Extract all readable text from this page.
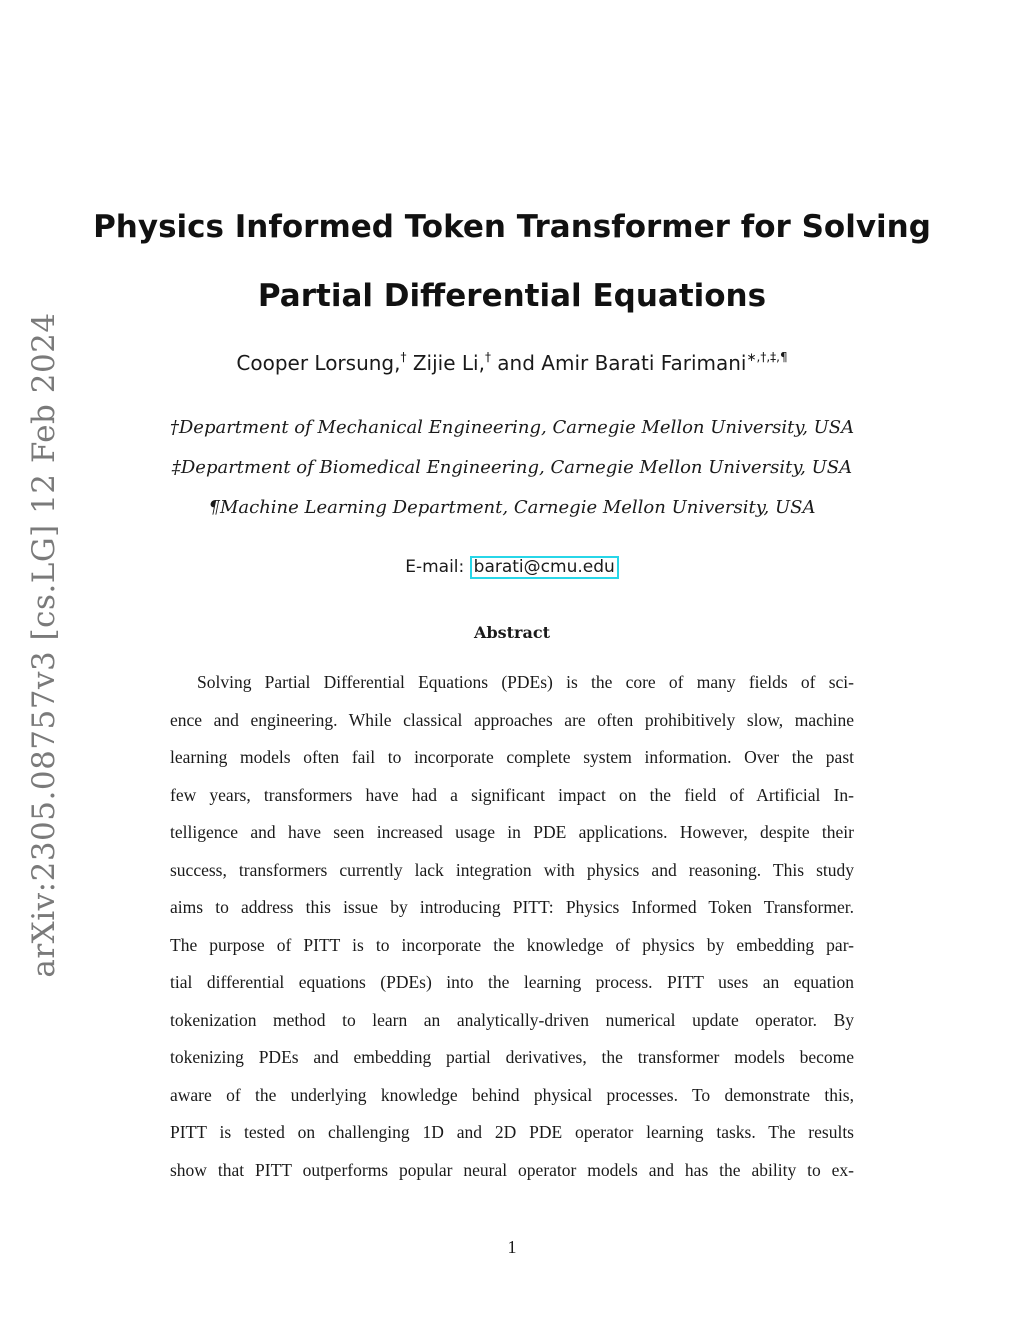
arXiv:2305.08757v3 [cs.LG] 12 Feb 2024
Physics Informed Token Transformer for Solving
Partial Differential Equations
Cooper Lorsung,† Zijie Li,† and Amir Barati Farimani∗,†,‡,¶
†Department of Mechanical Engineering, Carnegie Mellon University, USA
‡Department of Biomedical Engineering, Carnegie Mellon University, USA
¶Machine Learning Department, Carnegie Mellon University, USA
E-mail: barati@cmu.edu
Abstract
Solving Partial Differential Equations (PDEs) is the core of many fields of sci-
ence and engineering. While classical approaches are often prohibitively slow, machine
learning models often fail to incorporate complete system information. Over the past
few years, transformers have had a significant impact on the field of Artificial In-
telligence and have seen increased usage in PDE applications. However, despite their
success, transformers currently lack integration with physics and reasoning. This study
aims to address this issue by introducing PITT: Physics Informed Token Transformer.
The purpose of PITT is to incorporate the knowledge of physics by embedding par-
tial differential equations (PDEs) into the learning process. PITT uses an equation
tokenization method to learn an analytically-driven numerical update operator. By
tokenizing PDEs and embedding partial derivatives, the transformer models become
aware of the underlying knowledge behind physical processes. To demonstrate this,
PITT is tested on challenging 1D and 2D PDE operator learning tasks. The results
show that PITT outperforms popular neural operator models and has the ability to ex-
1
